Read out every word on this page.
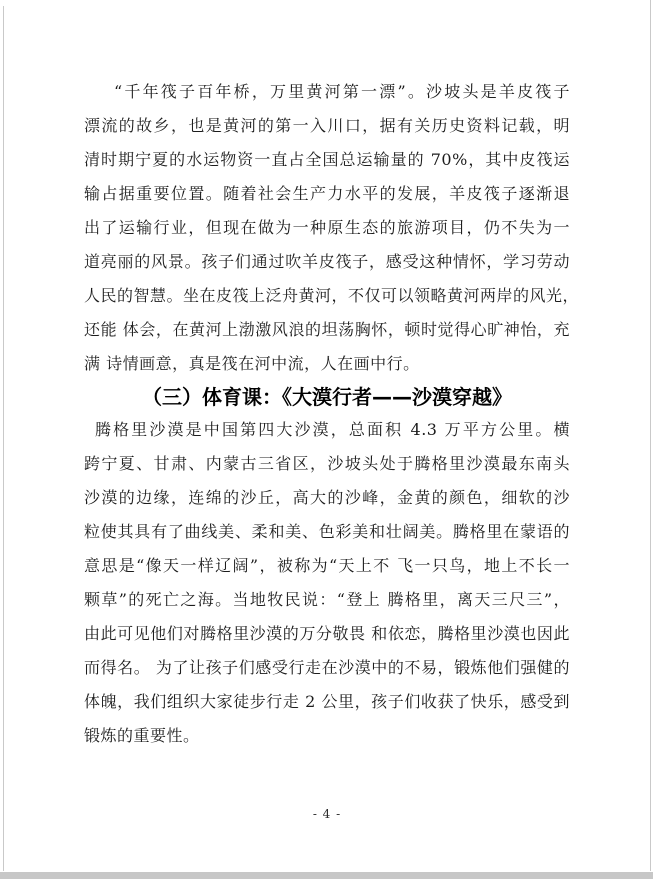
“千年筏子百年桥，万里黄河第一漂”。沙坡头是羊皮筏子
漂流的故乡，也是黄河的第一入川口，据有关历史资料记载，明
清时期宁夏的水运物资一直占全国总运输量的 70%，其中皮筏运
输占据重要位置。随着社会生产力水平的发展，羊皮筏子逐渐退
出了运输行业，但现在做为一种原生态的旅游项目，仍不失为一
道亮丽的风景。孩子们通过吹羊皮筏子，感受这种情怀，学习劳动
人民的智慧。坐在皮筏上泛舟黄河，不仅可以领略黄河两岸的风光，
还能 体会，在黄河上渤激风浪的坦荡胸怀，顿时觉得心旷神怡，充
满 诗情画意，真是筏在河中流，人在画中行。
（三）体育课：《大漠行者——沙漠穿越》
腾格里沙漠是中国第四大沙漠，总面积 4.3 万平方公里。横
跨宁夏、甘肃、内蒙古三省区，沙坡头处于腾格里沙漠最东南头
沙漠的边缘，连绵的沙丘，高大的沙峰，金黄的颜色，细软的沙
粒使其具有了曲线美、柔和美、色彩美和壮阔美。腾格里在蒙语的
意思是“像天一样辽阔”，被称为“天上不 飞一只鸟，地上不长一
颗草”的死亡之海。当地牧民说：“登上 腾格里，离天三尺三”，
由此可见他们对腾格里沙漠的万分敬畏 和依恋，腾格里沙漠也因此
而得名。 为了让孩子们感受行走在沙漠中的不易，锻炼他们强健的
体魄，我们组织大家徒步行走 2 公里，孩子们收获了快乐，感受到
锻炼的重要性。
- 4 -
